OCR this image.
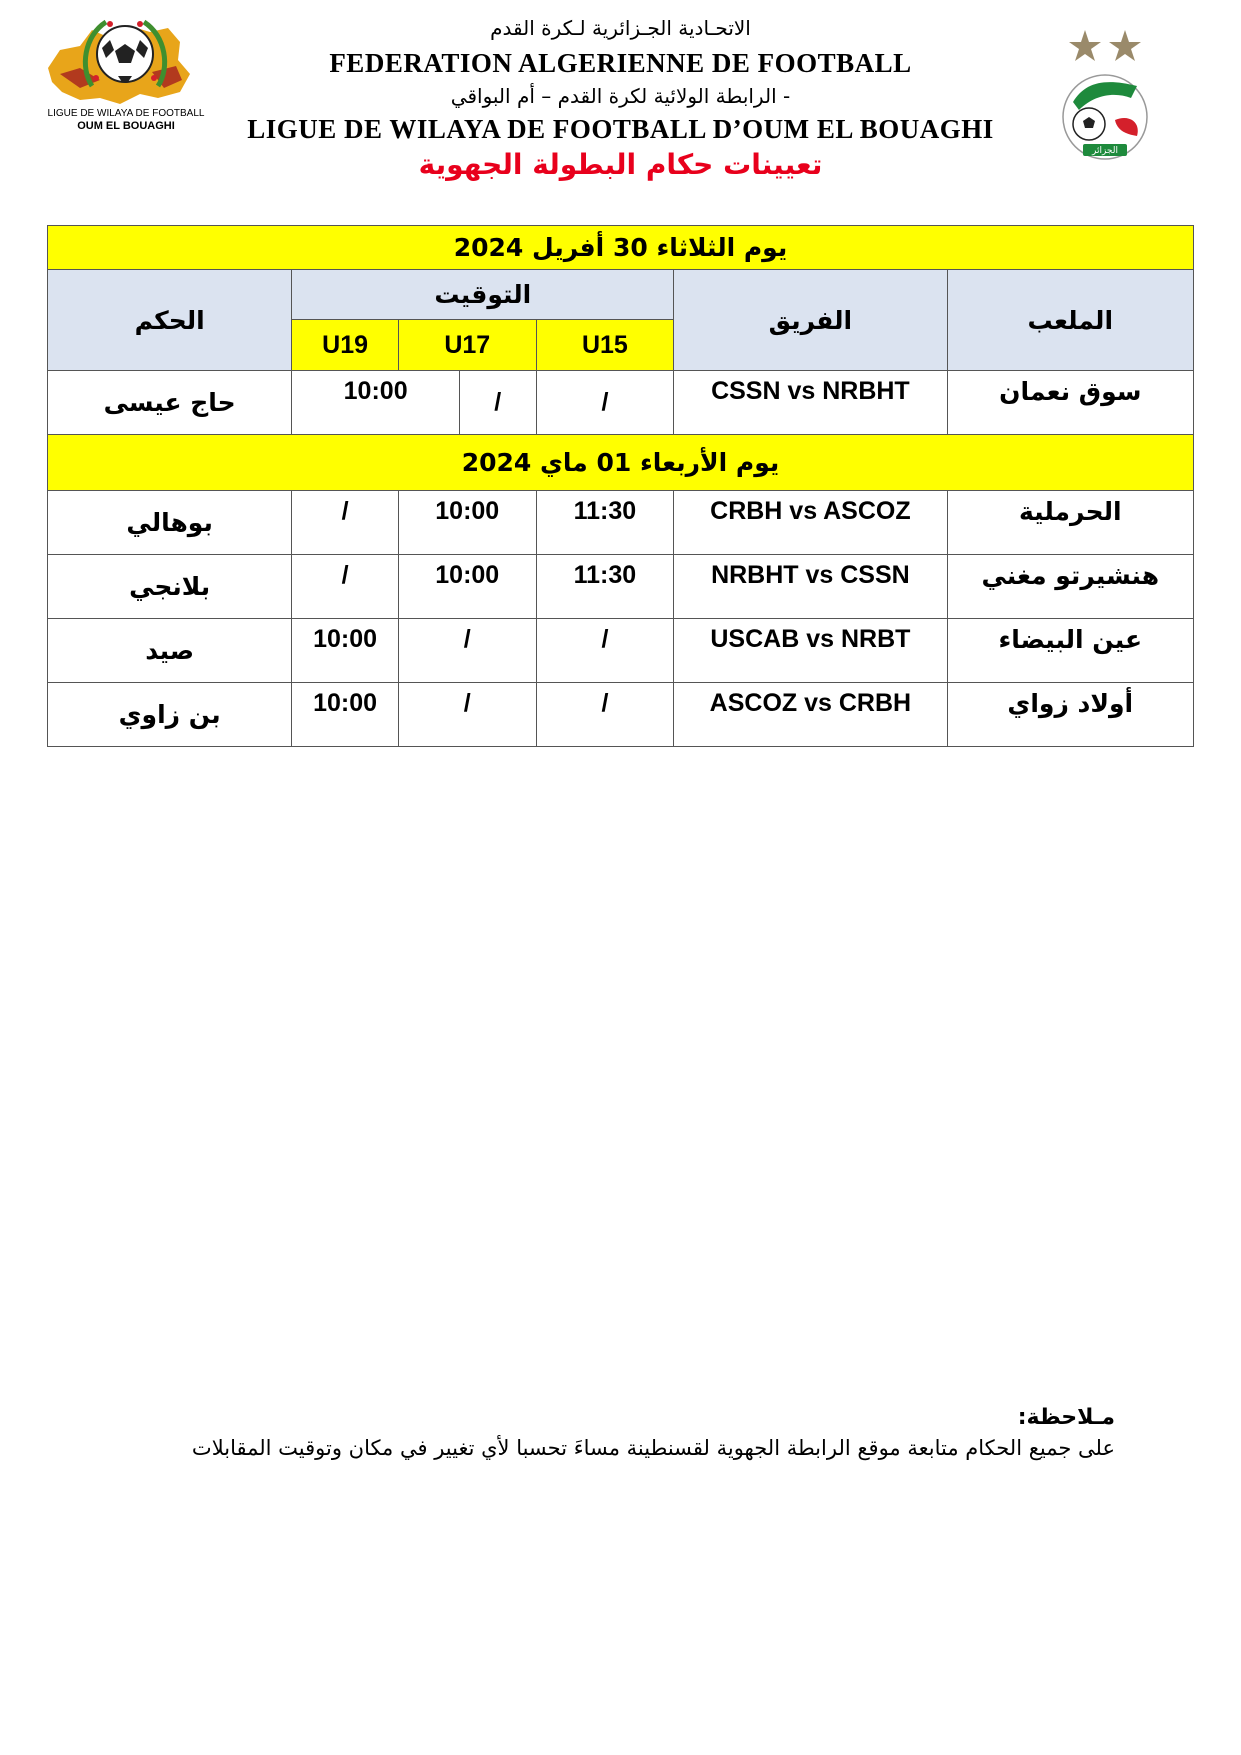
LIGUE DE WILAYA DE FOOTBALL
OUM EL BOUAGHI
الاتحـادية الجـزائرية لـكرة القدم
FEDERATION ALGERIENNE DE FOOTBALL
الرابطة الولائية لكرة القدم – أم البواقي -
LIGUE DE WILAYA DE FOOTBALL D’OUM EL BOUAGHI
تعيينات حكام البطولة الجهوية	الجزائر
يوم الثلاثاء 30 أفريل 2024						
الحكم	التوقيت				الفريق	الملعب
	U19	U17		U15		
حاج عيسى	10:00		/	/	CSSN vs NRBHT	سوق نعمان
يوم الأربعاء 01 ماي 2024						
بوهالي	/	10:00		11:30	CRBH vs ASCOZ	الحرملية
بلانجي	/	10:00		11:30	NRBHT vs CSSN	هنشيرتو مغني
صيد	10:00	/		/	USCAB vs NRBT	عين البيضاء
بن زاوي	10:00	/		/	ASCOZ vs CRBH	أولاد زواي
مـلاحظة:
على جميع الحكام متابعة موقع الرابطة الجهوية لقسنطينة مساءَ تحسبا لأي تغيير في مكان وتوقيت المقابلات
